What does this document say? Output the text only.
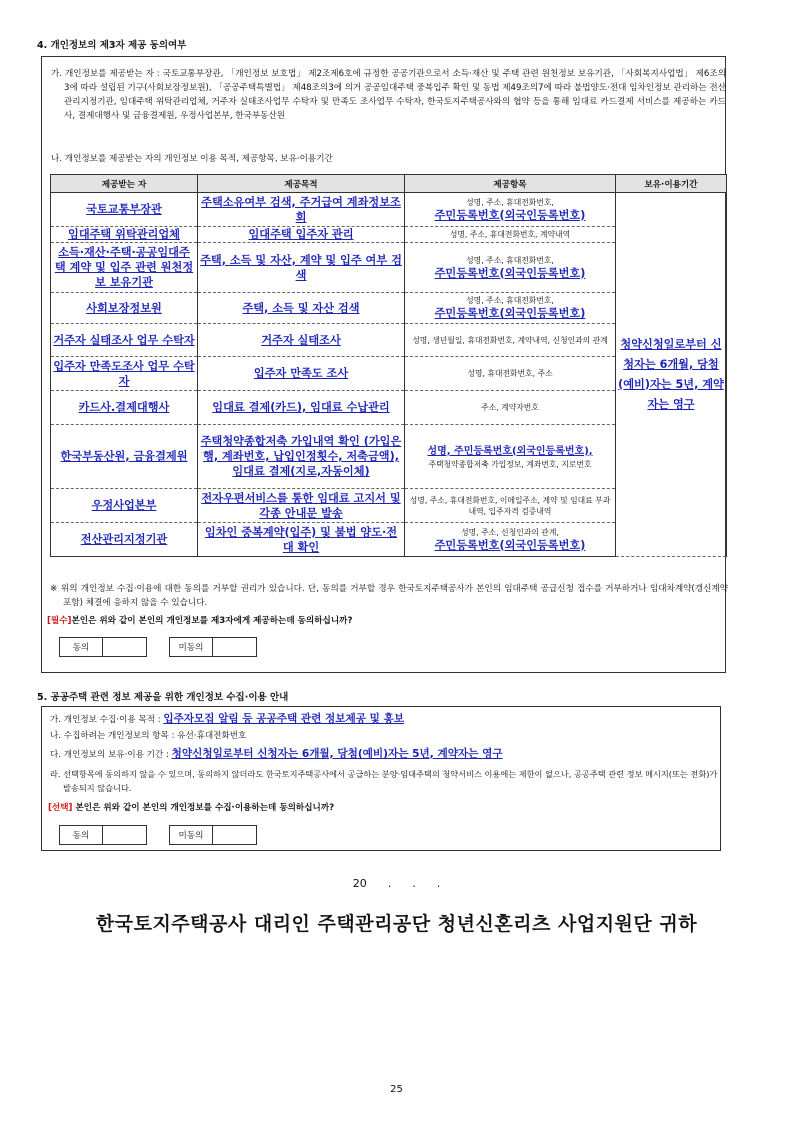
4. 개인정보의 제3자 제공 동의여부
가. 개인정보를 제공받는 자 : 국토교통부장관, 「개인정보 보호법」 제2조제6호에 규정한 공공기관으로서 소득·재산 및 주택 관련 원천정보 보유기관, 「사회복지사업법」 제6조의3에 따라 설립된 기구(사회보장정보원), 「공공주택특별법」 제48조의3에 의거 공공임대주택 중복입주 확인 및 동법 제49조의7에 따라 불법양도·전대 임차인정보 관리하는 전산관리지정기관, 임대주택 위탁관리업체, 거주자 실태조사업무 수탁자 및 만족도 조사업무 수탁자, 한국토지주택공사와의 협약 등을 통해 임대료 카드결제 서비스를 제공하는 카드사, 결제대행사 및 금융결제원, 우정사업본부, 한국부동산원
나. 개인정보를 제공받는 자의 개인정보 이용 목적, 제공항목, 보유·이용기간
제공받는 자	제공목적	제공항목	보유·이용기간
국토교통부장관	주택소유여부 검색, 주거급여 계좌정보조회	성명, 주소, 휴대전화번호,
주민등록번호(외국인등록번호)	청약신청일로부터 신청자는 6개월, 당첨(예비)자는 5년, 계약자는 영구
임대주택 위탁관리업체	임대주택 입주자 관리	성명, 주소, 휴대전화번호, 계약내역	
소득·재산·주택·공공임대주택 계약 및 입주 관련 원천정보 보유기관	주택, 소득 및 자산, 계약 및 입주 여부 검색	성명, 주소, 휴대전화번호,
주민등록번호(외국인등록번호)	

사회보장정보원	주택, 소득 및 자산 검색	성명, 주소, 휴대전화번호,
주민등록번호(외국인등록번호)	

거주자 실태조사 업무 수탁자	거주자 실태조사	성명, 생년월일, 휴대전화번호, 계약내역, 신청인과의 관계	
입주자 만족도조사 업무 수탁자	입주자 만족도 조사	성명, 휴대전화번호, 주소	
카드사.결제대행사	임대료 결제(카드), 임대료 수납관리	주소, 계약자번호	
한국부동산원, 금융결제원	주택청약종합저축 가입내역 확인 (가입은행, 계좌번호, 납입인정횟수, 저축금액), 임대료 결제(지로,자동이체)	성명, 주민등록번호(외국인등록번호),
주택청약종합저축 가입정보, 계좌번호, 지로번호	

우정사업본부	전자우편서비스를 통한 임대료 고지서 및 각종 안내문 발송	성명, 주소, 휴대전화번호, 이메일주소, 계약 및 임대료 부과내역, 입주자격 검증내역	
전산관리지정기관	임차인 중복계약(입주) 및 불법 양도·전대 확인	성명, 주소, 신청인과의 관계,
주민등록번호(외국인등록번호)	
※ 위의 개인정보 수집·이용에 대한 동의를 거부할 권리가 있습니다. 단, 동의를 거부할 경우 한국토지주택공사가 본인의 임대주택 공급신청 접수를 거부하거나 임대차계약(갱신계약 포함) 체결에 응하지 않을 수 있습니다.
[필수]본인은 위와 같이 본인의 개인정보를 제3자에게 제공하는데 동의하십니까?
동의	미동의
5. 공공주택 관련 정보 제공을 위한 개인정보 수집·이용 안내
가. 개인정보 수집·이용 목적 : 입주자모집 알림 등 공공주택 관련 정보제공 및 홍보
나. 수집하려는 개인정보의 항목 : 유선·휴대전화번호
다. 개인정보의 보유·이용 기간 : 청약신청일로부터 신청자는 6개월, 당첨(예비)자는 5년, 계약자는 영구
라. 선택항목에 동의하지 않을 수 있으며, 동의하지 않더라도 한국토지주택공사에서 공급하는 분양·임대주택의 청약서비스 이용에는 제한이 없으나, 공공주택 관련 정보 메시지(또는 전화)가 발송되지 않습니다.
[선택] 본인은 위와 같이 본인의 개인정보를 수집·이용하는데 동의하십니까?
동의	미동의
20      .      .      .
한국토지주택공사 대리인 주택관리공단 청년신혼리츠 사업지원단 귀하
25
